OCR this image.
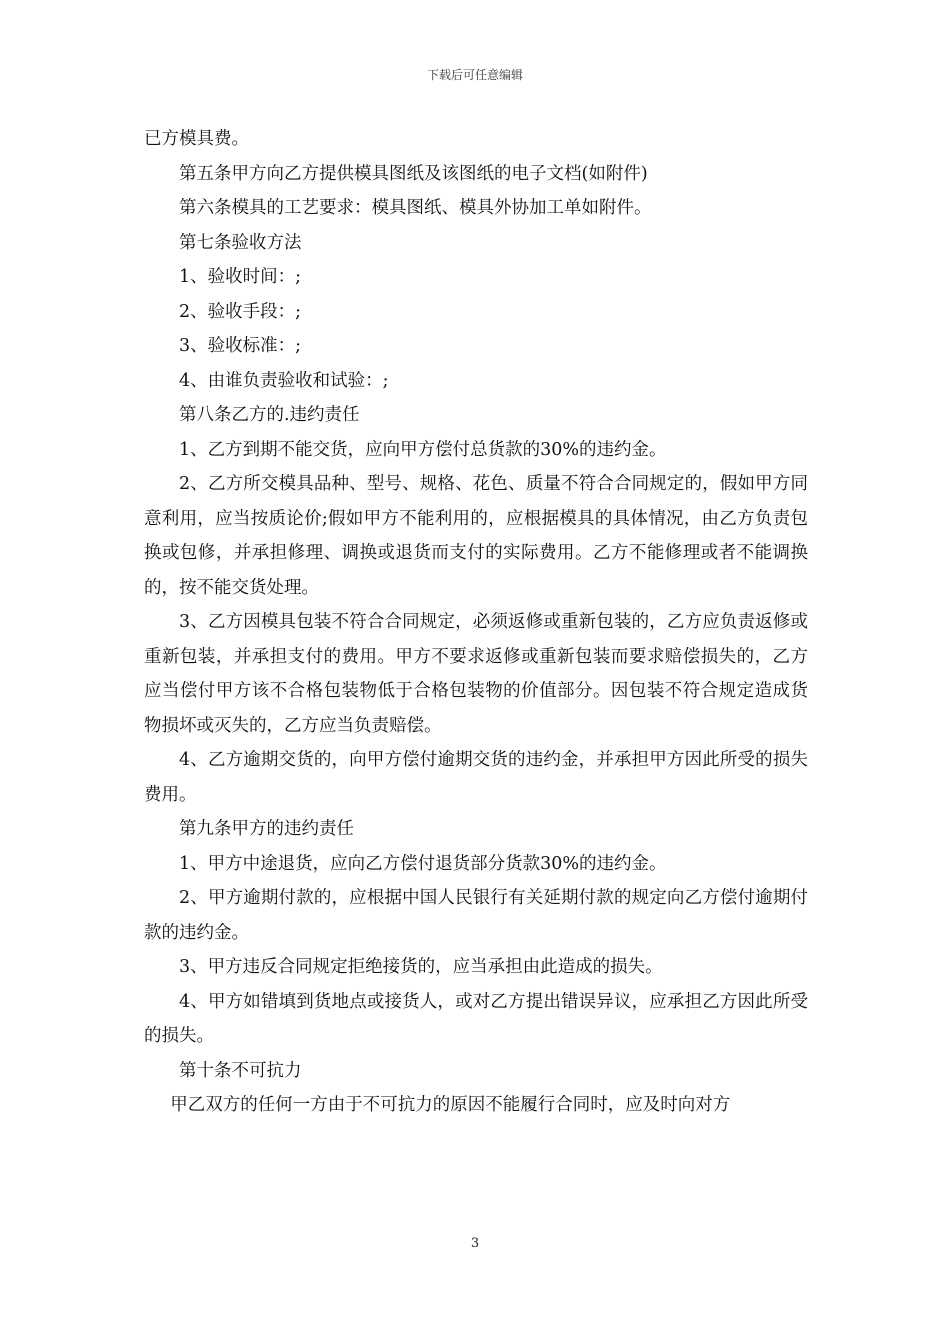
下载后可任意编辑

已方模具费。

第五条甲方向乙方提供模具图纸及该图纸的电子文档(如附件)

第六条模具的工艺要求：模具图纸、模具外协加工单如附件。

第七条验收方法

1、验收时间：;

2、验收手段：;

3、验收标准：;

4、由谁负责验收和试验：;

第八条乙方的.违约责任

1、乙方到期不能交货，应向甲方偿付总货款的30%的违约金。

2、乙方所交模具品种、型号、规格、花色、质量不符合合同规定的，假如甲方同意利用，应当按质论价;假如甲方不能利用的，应根据模具的具体情况，由乙方负责包换或包修，并承担修理、调换或退货而支付的实际费用。乙方不能修理或者不能调换的，按不能交货处理。

3、乙方因模具包装不符合合同规定，必须返修或重新包装的，乙方应负责返修或重新包装，并承担支付的费用。甲方不要求返修或重新包装而要求赔偿损失的，乙方应当偿付甲方该不合格包装物低于合格包装物的价值部分。因包装不符合规定造成货物损坏或灭失的，乙方应当负责赔偿。

4、乙方逾期交货的，向甲方偿付逾期交货的违约金，并承担甲方因此所受的损失费用。

第九条甲方的违约责任

1、甲方中途退货，应向乙方偿付退货部分货款30%的违约金。

2、甲方逾期付款的，应根据中国人民银行有关延期付款的规定向乙方偿付逾期付款的违约金。

3、甲方违反合同规定拒绝接货的，应当承担由此造成的损失。

4、甲方如错填到货地点或接货人，或对乙方提出错误异议，应承担乙方因此所受的损失。

第十条不可抗力

甲乙双方的任何一方由于不可抗力的原因不能履行合同时，应及时向对方

3
